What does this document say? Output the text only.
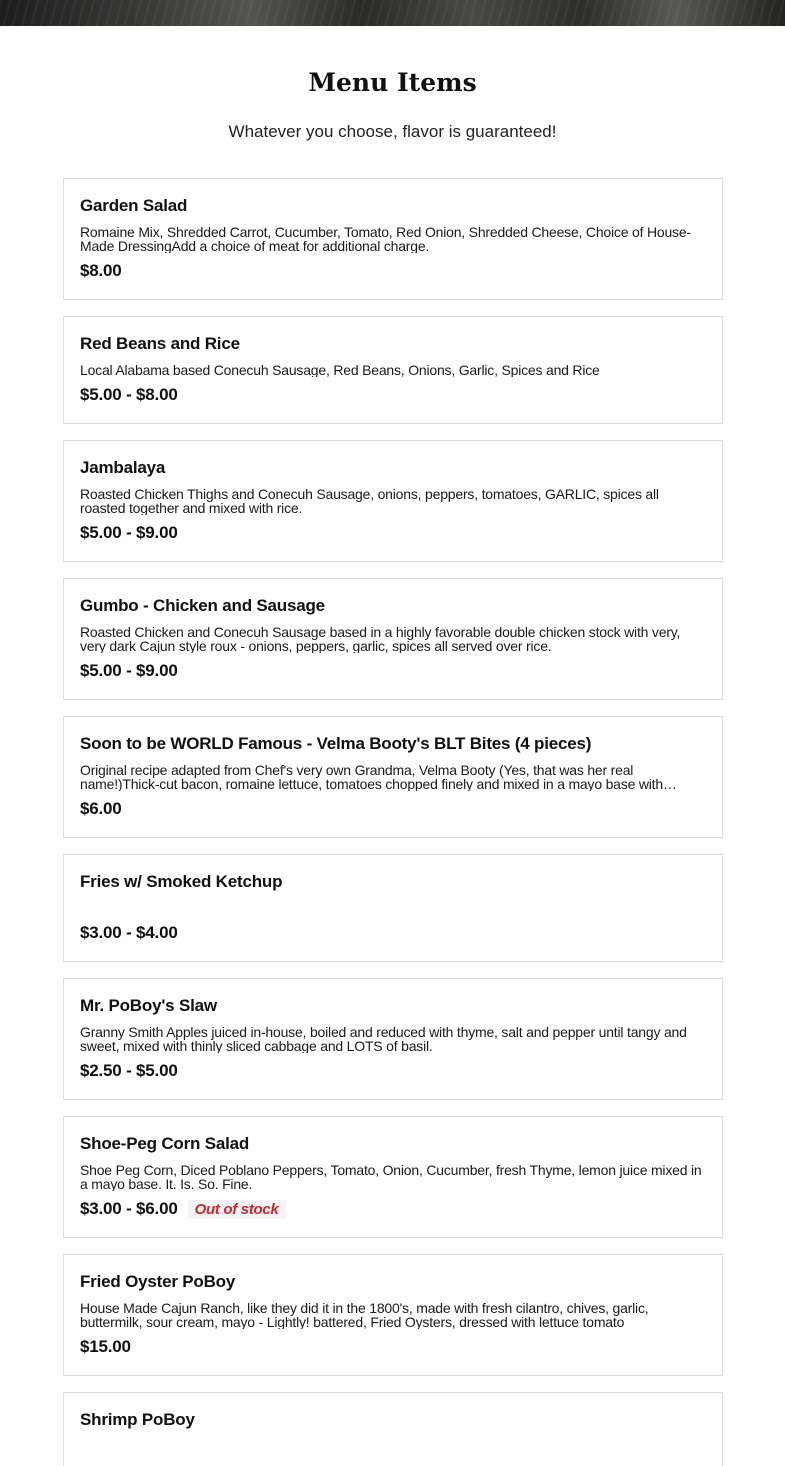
Menu Items

Whatever you choose, flavor is guaranteed!

Garden Salad
Romaine Mix, Shredded Carrot, Cucumber, Tomato, Red Onion, Shredded Cheese, Choice of House-Made DressingAdd a choice of meat for additional charge.
$8.00
Red Beans and Rice
Local Alabama based Conecuh Sausage, Red Beans, Onions, Garlic, Spices and Rice
$5.00 - $8.00
Jambalaya
Roasted Chicken Thighs and Conecuh Sausage, onions, peppers, tomatoes, GARLIC, spices all roasted together and mixed with rice.
$5.00 - $9.00
Gumbo - Chicken and Sausage
Roasted Chicken and Conecuh Sausage based in a highly favorable double chicken stock with very, very dark Cajun style roux - onions, peppers, garlic, spices all served over rice.
$5.00 - $9.00
Soon to be WORLD Famous - Velma Booty's BLT Bites (4 pieces)
Original recipe adapted from Chef's very own Grandma, Velma Booty (Yes, that was her real name!)Thick-cut bacon, romaine lettuce, tomatoes chopped finely and mixed in a mayo base with…
$6.00
Fries w/ Smoked Ketchup
$3.00 - $4.00
Mr. PoBoy's Slaw
Granny Smith Apples juiced in-house, boiled and reduced with thyme, salt and pepper until tangy and sweet, mixed with thinly sliced cabbage and LOTS of basil.
$2.50 - $5.00
Shoe-Peg Corn Salad
Shoe Peg Corn, Diced Poblano Peppers, Tomato, Onion, Cucumber, fresh Thyme, lemon juice mixed in a mayo base. It. Is. So. Fine.
$3.00 - $6.00	Out of stock
Fried Oyster PoBoy
House Made Cajun Ranch, like they did it in the 1800's, made with fresh cilantro, chives, garlic, buttermilk, sour cream, mayo - Lightly! battered, Fried Oysters, dressed with lettuce tomato
$15.00
Shrimp PoBoy
